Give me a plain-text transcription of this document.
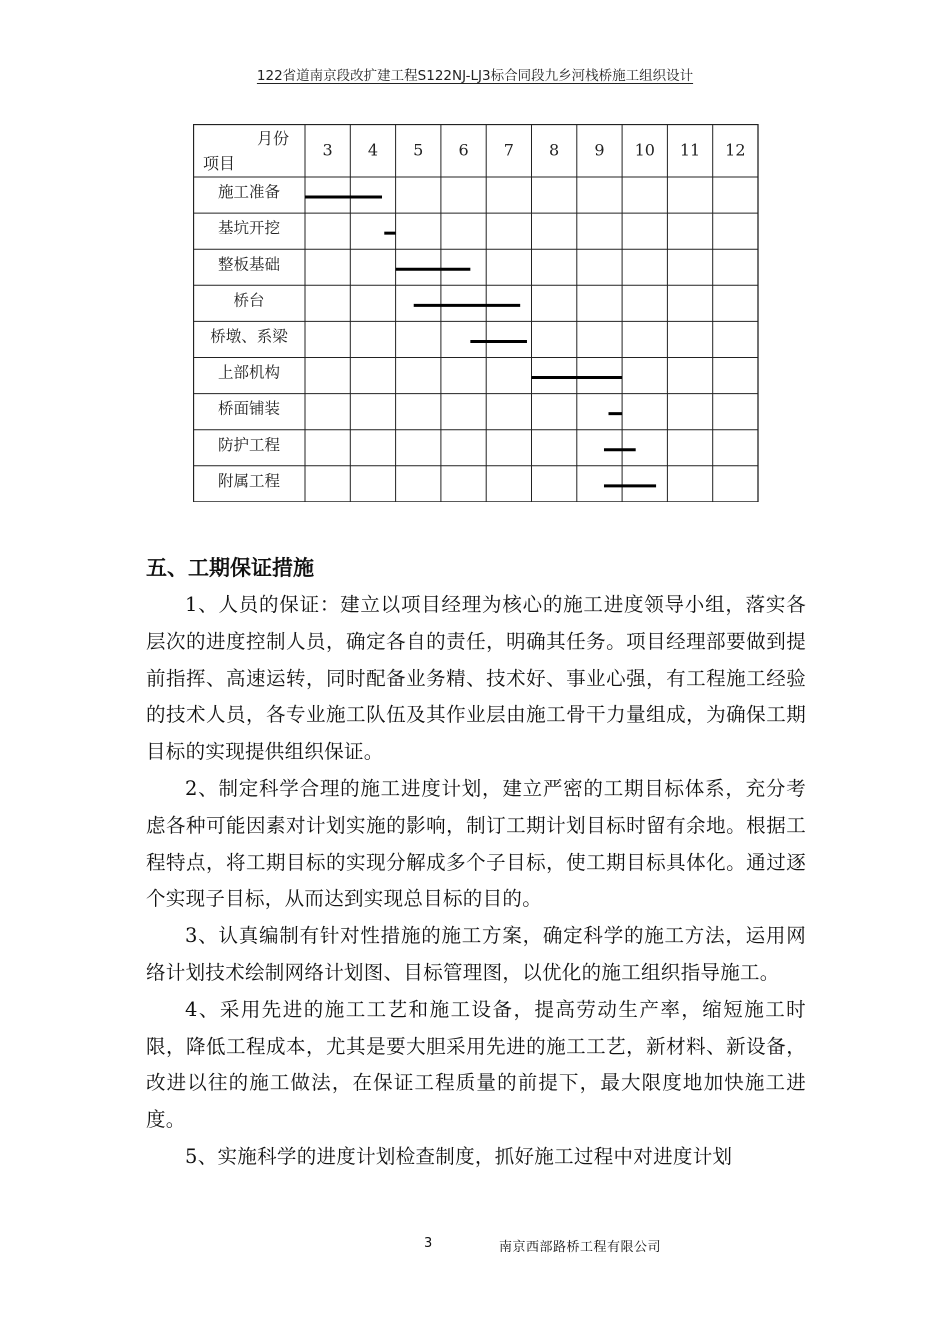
122省道南京段改扩建工程S122NJ-LJ3标合同段九乡河栈桥施工组织设计
月份
项目
3 4 5 6 7 8 9 10 11 12
施工准备
基坑开挖
整板基础
桥台
桥墩、系梁
上部机构
桥面铺装
防护工程
附属工程
五、工期保证措施

1、人员的保证：建立以项目经理为核心的施工进度领导小组，落实各层次的进度控制人员，确定各自的责任，明确其任务。项目经理部要做到提前指挥、高速运转，同时配备业务精、技术好、事业心强，有工程施工经验的技术人员，各专业施工队伍及其作业层由施工骨干力量组成，为确保工期目标的实现提供组织保证。

2、制定科学合理的施工进度计划，建立严密的工期目标体系，充分考虑各种可能因素对计划实施的影响，制订工期计划目标时留有余地。根据工程特点，将工期目标的实现分解成多个子目标，使工期目标具体化。通过逐个实现子目标，从而达到实现总目标的目的。

3、认真编制有针对性措施的施工方案，确定科学的施工方法，运用网络计划技术绘制网络计划图、目标管理图，以优化的施工组织指导施工。

4、采用先进的施工工艺和施工设备，提高劳动生产率，缩短施工时限，降低工程成本，尤其是要大胆采用先进的施工工艺，新材料、新设备，改进以往的施工做法，在保证工程质量的前提下，最大限度地加快施工进度。

5、实施科学的进度计划检查制度，抓好施工过程中对进度计划

3	南京西部路桥工程有限公司
